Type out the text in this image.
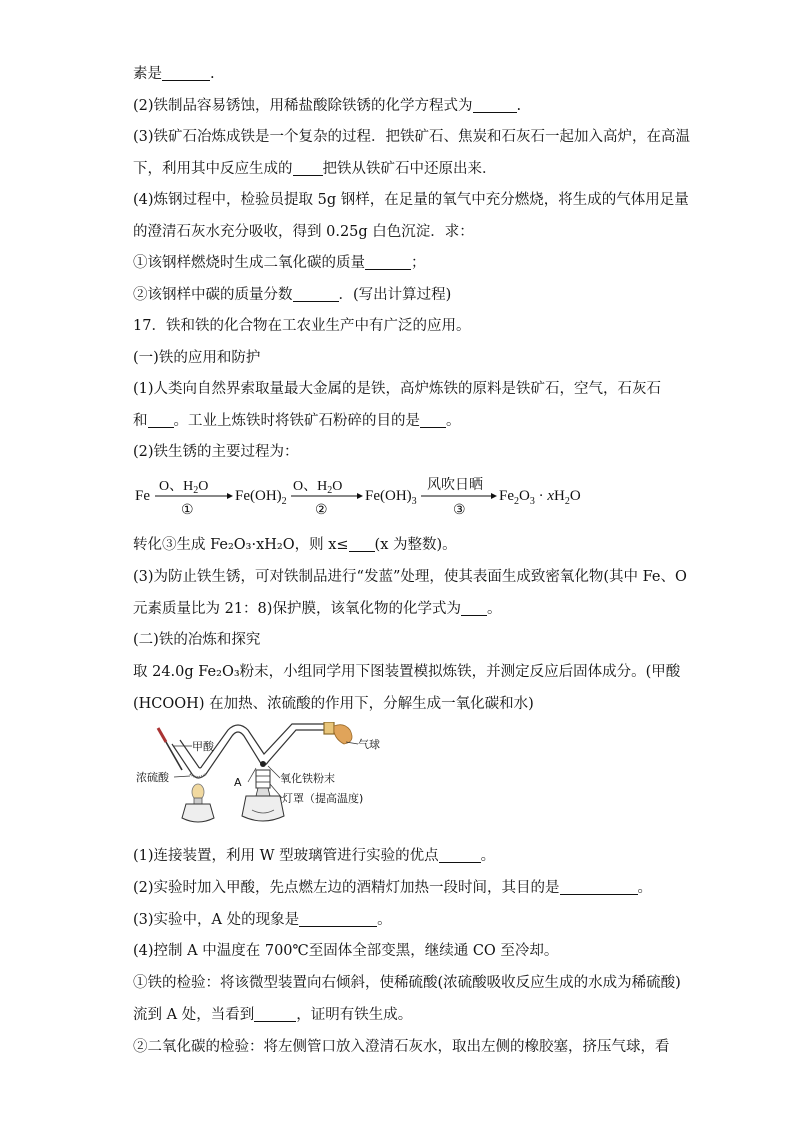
素是	.
(2)铁制品容易锈蚀，用稀盐酸除铁锈的化学方程式为	.
(3)铁矿石冶炼成铁是一个复杂的过程．把铁矿石、焦炭和石灰石一起加入高炉，在高温
下，利用其中反应生成的 把铁从铁矿石中还原出来．
(4)炼钢过程中，检验员提取 5g 钢样，在足量的氧气中充分燃烧，将生成的气体用足量
的澄清石灰水充分吸收，得到 0.25g 白色沉淀．求：
①该钢样燃烧时生成二氧化碳的质量	；
②该钢样中碳的质量分数	．(写出计算过程)
17．铁和铁的化合物在工农业生产中有广泛的应用。
(一)铁的应用和防护
(1)人类向自然界索取量最大金属的是铁，高炉炼铁的原料是铁矿石，空气，石灰石
和 。工业上炼铁时将铁矿石粉碎的目的是 。
(2)铁生锈的主要过程为：
转化③生成 Fe₂O₃·xH₂O，则 x≤ (x 为整数)。
(3)为防止铁生锈，可对铁制品进行“发蓝”处理，使其表面生成致密氧化物(其中 Fe、O
元素质量比为 21：8)保护膜，该氧化物的化学式为 。
(二)铁的冶炼和探究
取 24.0g Fe₂O₃粉末，小组同学用下图装置模拟炼铁，并测定反应后固体成分。(甲酸
(HCOOH) 在加热、浓硫酸的作用下，分解生成一氧化碳和水)
(1)连接装置，利用 W 型玻璃管进行实验的优点	。
(2)实验时加入甲酸，先点燃左边的酒精灯加热一段时间，其目的是	。
(3)实验中，A 处的现象是	。
(4)控制 A 中温度在 700℃至固体全部变黑，继续通 CO 至冷却。
①铁的检验：将该微型装置向右倾斜，使稀硫酸(浓硫酸吸收反应生成的水成为稀硫酸)
流到 A 处，当看到	，证明有铁生成。
②二氧化碳的检验：将左侧管口放入澄清石灰水，取出左侧的橡胶塞，挤压气球，看
Fe
O、$H_2O$
①
$Fe(OH)_2$
O、$H_2O$
②
$Fe(OH)_3$
风吹日晒
③
$Fe_2O_3 \cdot xH_2O$
甲酸	气球
浓硫酸	A	氧化铁粉末
灯罩（提高温度)
